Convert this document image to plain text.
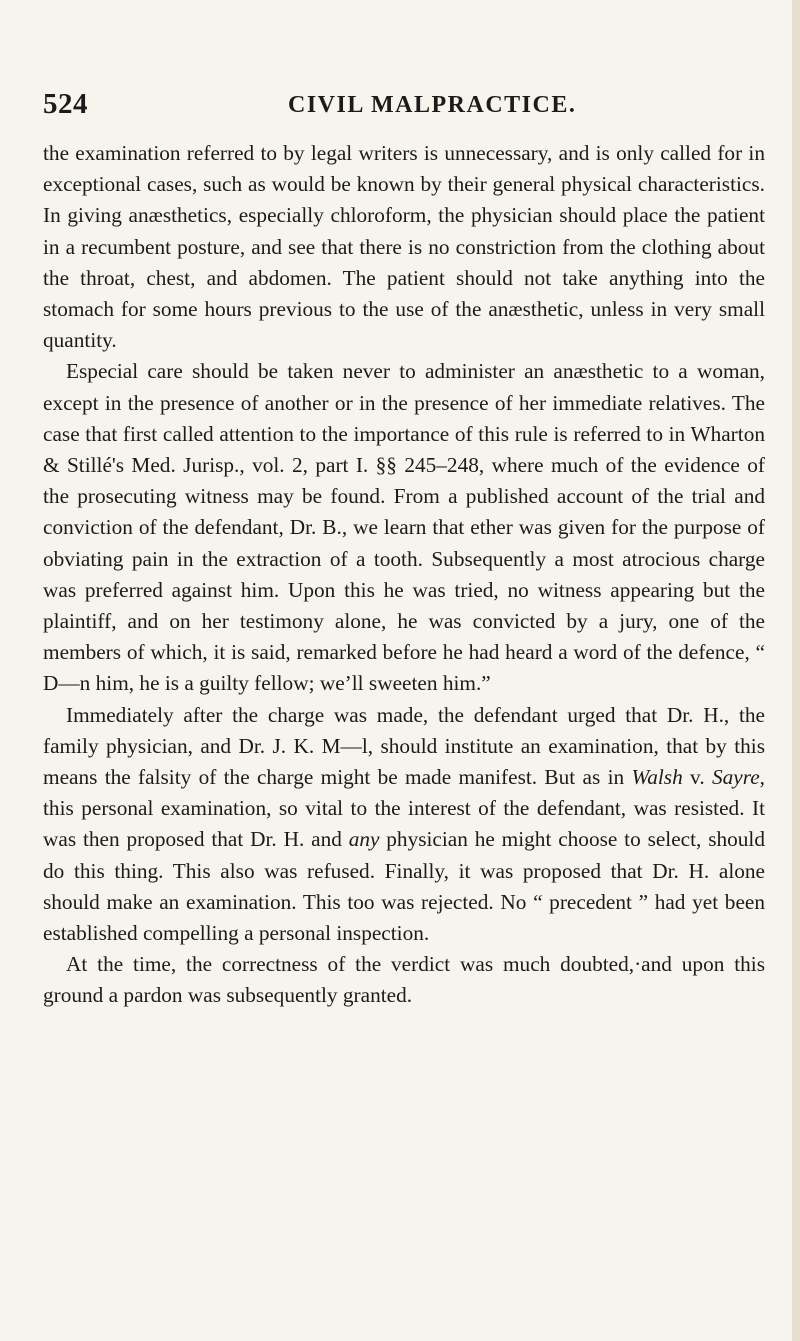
524	CIVIL MALPRACTICE.

the examination referred to by legal writers is unnecessary, and is only called for in exceptional cases, such as would be known by their general physical characteristics. In giving anæsthetics, especially chloroform, the physician should place the patient in a recumbent posture, and see that there is no constriction from the clothing about the throat, chest, and abdomen. The patient should not take anything into the stomach for some hours previous to the use of the anæsthetic, unless in very small quantity.

Especial care should be taken never to administer an anæsthetic to a woman, except in the presence of another or in the presence of her immediate relatives. The case that first called attention to the importance of this rule is referred to in Wharton & Stillé's Med. Jurisp., vol. 2, part I. §§ 245–248, where much of the evidence of the prosecuting witness may be found. From a published account of the trial and conviction of the defendant, Dr. B., we learn that ether was given for the purpose of obviating pain in the extraction of a tooth. Subsequently a most atrocious charge was preferred against him. Upon this he was tried, no witness appearing but the plaintiff, and on her testimony alone, he was convicted by a jury, one of the members of which, it is said, remarked before he had heard a word of the defence, “ D—n him, he is a guilty fellow; we’ll sweeten him.”

Immediately after the charge was made, the defendant urged that Dr. H., the family physician, and Dr. J. K. M—l, should institute an examination, that by this means the falsity of the charge might be made manifest. But as in Walsh v. Sayre, this personal examination, so vital to the interest of the defendant, was resisted. It was then proposed that Dr. H. and any physician he might choose to select, should do this thing. This also was refused. Finally, it was proposed that Dr. H. alone should make an examination. This too was rejected. No “ precedent ” had yet been established compelling a personal inspection.

At the time, the correctness of the verdict was much doubted,·and upon this ground a pardon was subsequently granted.
